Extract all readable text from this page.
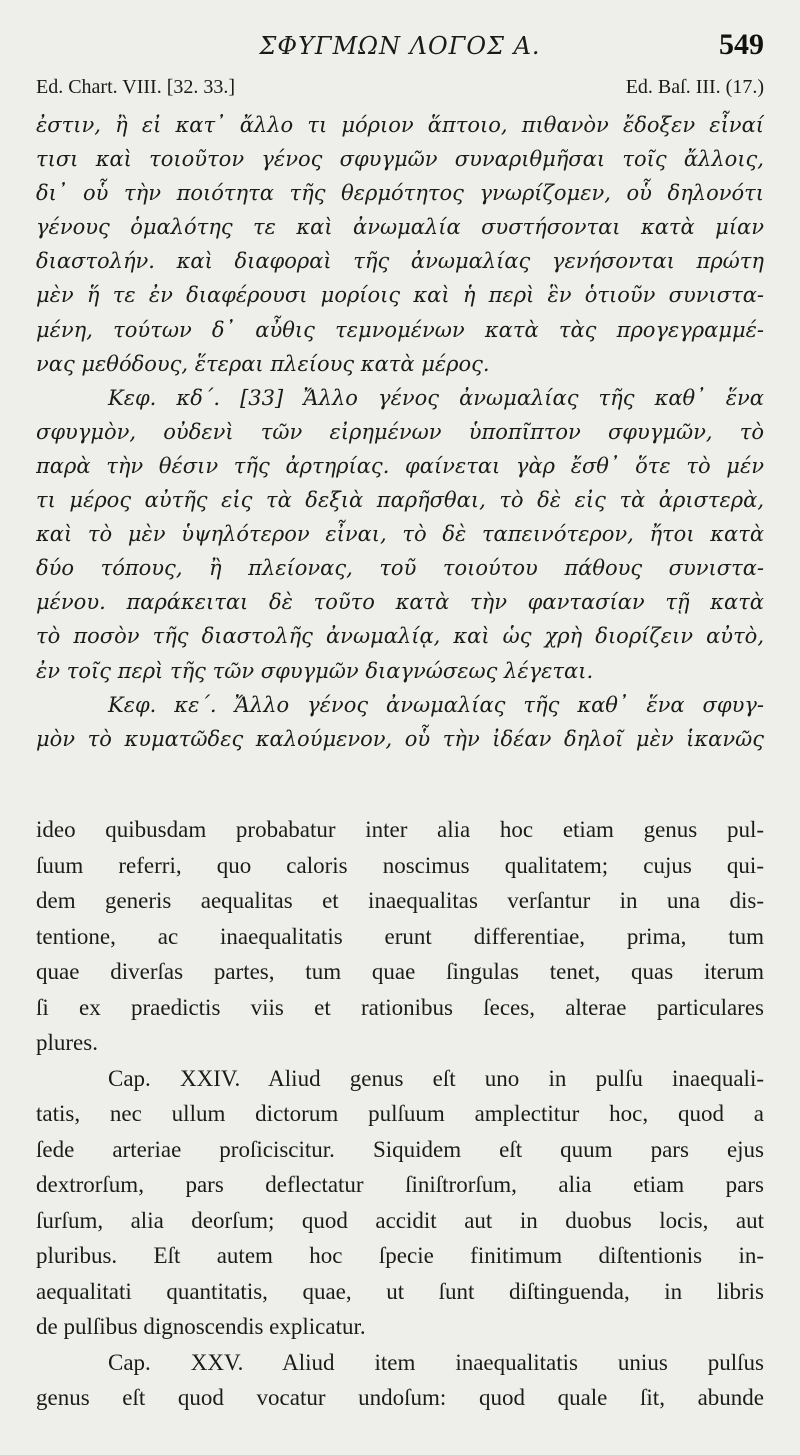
ΣΦΥΓΜΩΝ ΛΟΓΟΣ Α.	549
Ed. Chart. VIII. [32. 33.]	Ed. Baſ. III. (17.)
ἐστιν, ἢ εἰ κατ᾽ ἄλλο τι μόριον ἅπτοιο, πιθανὸν ἔδοξεν εἶναί
τισι καὶ τοιοῦτον γένος σφυγμῶν συναριθμῆσαι τοῖς ἄλλοις,
δι᾽ οὗ τὴν ποιότητα τῆς θερμότητος γνωρίζομεν, οὗ δηλονότι
γένους ὁμαλότης τε καὶ ἀνωμαλία συστήσονται κατὰ μίαν
διαστολήν. καὶ διαφοραὶ τῆς ἀνωμαλίας γενήσονται πρώτη
μὲν ἥ τε ἐν διαφέρουσι μορίοις καὶ ἡ περὶ ἓν ὁτιοῦν συνιστα-
μένη, τούτων δ᾽ αὖθις τεμνομένων κατὰ τὰς προγεγραμμέ-
νας μεθόδους, ἕτεραι πλείους κατὰ μέρος.
Κεφ. κδ΄. [33] Ἄλλο γένος ἀνωμαλίας τῆς καθ᾽ ἕνα
σφυγμὸν, οὐδενὶ τῶν εἰρημένων ὑποπῖπτον σφυγμῶν, τὸ
παρὰ τὴν θέσιν τῆς ἀρτηρίας. φαίνεται γὰρ ἔσθ᾽ ὅτε τὸ μέν
τι μέρος αὐτῆς εἰς τὰ δεξιὰ παρῆσθαι, τὸ δὲ εἰς τὰ ἀριστερὰ,
καὶ τὸ μὲν ὑψηλότερον εἶναι, τὸ δὲ ταπεινότερον, ἤτοι κατὰ
δύο τόπους, ἢ πλείονας, τοῦ τοιούτου πάθους συνιστα-
μένου. παράκειται δὲ τοῦτο κατὰ τὴν φαντασίαν τῇ κατὰ
τὸ ποσὸν τῆς διαστολῆς ἀνωμαλίᾳ, καὶ ὡς χρὴ διορίζειν αὐτὸ,
ἐν τοῖς περὶ τῆς τῶν σφυγμῶν διαγνώσεως λέγεται.
Κεφ. κε΄. Ἄλλο γένος ἀνωμαλίας τῆς καθ᾽ ἕνα σφυγ-
μὸν τὸ κυματῶδες καλούμενον, οὗ τὴν ἰδέαν δηλοῖ μὲν ἱκανῶς
ideo quibusdam probabatur inter alia hoc etiam genus pul-
ſuum referri, quo caloris noscimus qualitatem; cujus qui-
dem generis aequalitas et inaequalitas verſantur in una dis-
tentione, ac inaequalitatis erunt differentiae, prima, tum
quae diverſas partes, tum quae ſingulas tenet, quas iterum
ſi ex praedictis viis et rationibus ſeces, alterae particulares
plures.
Cap. XXIV. Aliud genus eſt uno in pulſu inaequali-
tatis, nec ullum dictorum pulſuum amplectitur hoc, quod a
ſede arteriae proſiciscitur. Siquidem eſt quum pars ejus
dextrorſum, pars deflectatur ſiniſtrorſum, alia etiam pars
ſurſum, alia deorſum; quod accidit aut in duobus locis, aut
pluribus. Eſt autem hoc ſpecie finitimum diſtentionis in-
aequalitati quantitatis, quae, ut ſunt diſtinguenda, in libris
de pulſibus dignoscendis explicatur.
Cap. XXV. Aliud item inaequalitatis unius pulſus
genus eſt quod vocatur undoſum: quod quale ſit, abunde
